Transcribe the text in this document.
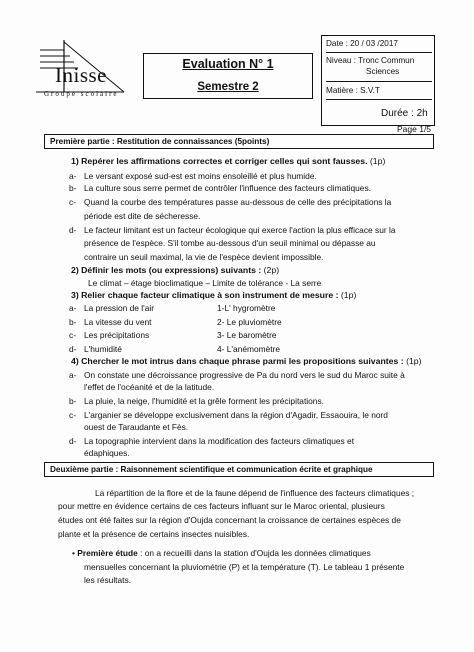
Inisse
Groupe scolaire
Evaluation N° 1
Semestre 2
Date : 20 / 03 /2017
Niveau : Tronc Commun
Sciences
Matière : S.V.T
Durée : 2h
Page 1/5
Première partie : Restitution de connaissances (5points)
1) Repérer les affirmations correctes et corriger celles qui sont fausses. (1p)
a- Le versant exposé sud-est est moins ensoleillé et plus humide.
b- La culture sous serre permet de contrôler l'influence des facteurs climatiques.
c- Quand la courbe des températures passe au-dessous de celle des précipitations la
période est dite de sécheresse.
d- Le facteur limitant est un facteur écologique qui exerce l'action la plus efficace sur la
présence de l'espèce. S'il tombe au-dessous d'un seuil minimal ou dépasse au
contraire un seuil maximal, la vie de l'espèce devient impossible.
2) Définir les mots (ou expressions) suivants : (2p)
Le climat – étage bioclimatique – Limite de tolérance - La serre
3) Relier chaque facteur climatique à son instrument de mesure : (1p)
a- La pression de l'air
b- La vitesse du vent
c- Les précipitations
d- L'humidité
1-L' hygromètre
2- Le pluviomètre
3- Le baromètre
4- L'anémomètre
4) Chercher le mot intrus dans chaque phrase parmi les propositions suivantes : (1p)
a- On constate une décroissance progressive de Pa du nord vers le sud du Maroc suite à
l'effet de l'océanité et de la latitude.
b- La pluie, la neige, l'humidité et la grêle forment les précipitations.
c- L'arganier se développe exclusivement dans la région d'Agadir, Essaouira, le nord
ouest de Taraudante et Fès.
d- La topographie intervient dans la modification des facteurs climatiques et
édaphiques.
Deuxième partie : Raisonnement scientifique et communication écrite et graphique
La répartition de la flore et de la faune dépend de l'influence des facteurs climatiques ;
pour mettre en évidence certains de ces facteurs influant sur le Maroc oriental, plusieurs
études ont été faites sur la région d'Oujda concernant la croissance de certaines espèces de
plante et la présence de certains insectes nuisibles.
• Première étude : on a recueilli dans la station d'Oujda les données climatiques
mensuelles concernant la pluviométrie (P) et la température (T). Le tableau 1 présente
les résultats.
